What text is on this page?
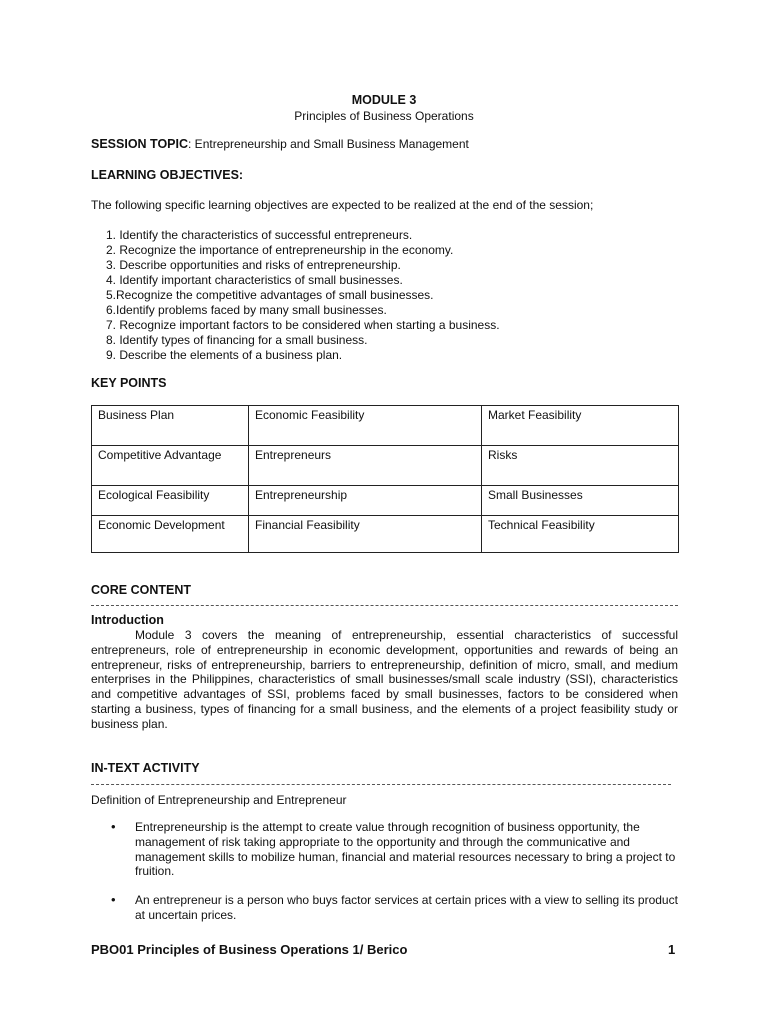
MODULE 3
Principles of Business Operations
SESSION TOPIC: Entrepreneurship and Small Business Management
LEARNING OBJECTIVES:
The following specific learning objectives are expected to be realized at the end of the session;
1. Identify the characteristics of successful entrepreneurs.
2. Recognize the importance of entrepreneurship in the economy.
3. Describe opportunities and risks of entrepreneurship.
4. Identify important characteristics of small businesses.
5.Recognize the competitive advantages of small businesses.
6.Identify problems faced by many small businesses.
7. Recognize important factors to be considered when starting a business.
8. Identify types of financing for a small business.
9. Describe the elements of a business plan.
KEY POINTS
Business Plan	Economic Feasibility	Market Feasibility
Competitive Advantage	Entrepreneurs	Risks
Ecological Feasibility	Entrepreneurship	Small Businesses
Economic Development	Financial Feasibility	Technical Feasibility
CORE CONTENT
Introduction
Module 3 covers the meaning of entrepreneurship, essential characteristics of successful entrepreneurs, role of entrepreneurship in economic development, opportunities and rewards of being an entrepreneur, risks of entrepreneurship, barriers to entrepreneurship, definition of micro, small, and medium enterprises in the Philippines, characteristics of small businesses/small scale industry (SSI), characteristics and competitive advantages of SSI, problems faced by small businesses, factors to be considered when starting a business, types of financing for a small business, and the elements of a project feasibility study or business plan.
IN-TEXT ACTIVITY
Definition of Entrepreneurship and Entrepreneur
• Entrepreneurship is the attempt to create value through recognition of business opportunity, the management of risk taking appropriate to the opportunity and through the communicative and management skills to mobilize human, financial and material resources necessary to bring a project to fruition.
• An entrepreneur is a person who buys factor services at certain prices with a view to selling its product at uncertain prices.
PBO01 Principles of Business Operations 1/ Berico	1
